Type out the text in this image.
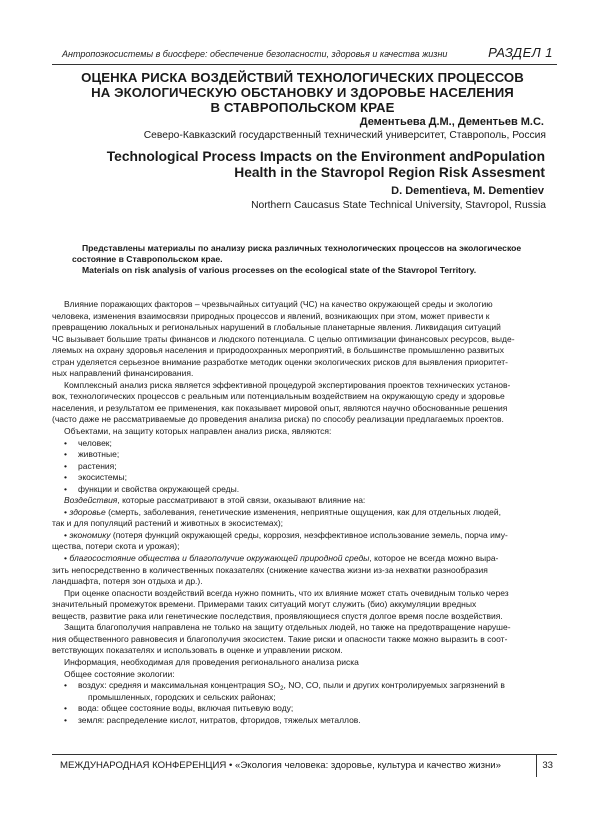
Антропоэкосистемы в биосфере: обеспечение безопасности, здоровья и качества жизни	РАЗДЕЛ 1
ОЦЕНКА РИСКА ВОЗДЕЙСТВИЙ ТЕХНОЛОГИЧЕСКИХ ПРОЦЕССОВ
НА ЭКОЛОГИЧЕСКУЮ ОБСТАНОВКУ И ЗДОРОВЬЕ НАСЕЛЕНИЯ
В СТАВРОПОЛЬСКОМ КРАЕ
Дементьева Д.М., Дементьев М.С.
Северо-Кавказский государственный технический университет, Ставрополь, Россия
Technological Process Impacts on the Environment andPopulation
Health in the Stavropol Region Risk Assesment
D. Dementieva, M. Dementiev
Northern Caucasus State Technical University, Stavropol, Russia
Представлены материалы по анализу риска различных технологических процессов на экологическое
состояние в Ставропольском крае.
Materials on risk analysis of various processes on the ecological state of the Stavropol Territory.
Влияние поражающих факторов – чрезвычайных ситуаций (ЧС) на качество окружающей среды и экологию
человека, изменения взаимосвязи природных процессов и явлений, возникающих при этом, может привести к
превращению локальных и региональных нарушений в глобальные планетарные явления. Ликвидация ситуаций
ЧС вызывает большие траты финансов и людского потенциала. С целью оптимизации финансовых ресурсов, выде-
ляемых на охрану здоровья населения и природоохранных мероприятий, в большинстве промышленно развитых
стран уделяется серьезное внимание разработке методик оценки экологических рисков для выявления приоритет-
ных направлений финансирования.
Комплексный анализ риска является эффективной процедурой экспертирования проектов технических установ-
вок, технологических процессов с реальным или потенциальным воздействием на окружающую среду и здоровье
населения, и результатом ее применения, как показывает мировой опыт, являются научно обоснованные решения
(часто даже не рассматриваемые до проведения анализа риска) по способу реализации предлагаемых проектов.
Объектами, на защиту которых направлен анализ риска, являются:
• человек;
• животные;
• растения;
• экосистемы;
• функции и свойства окружающей среды.
Воздействия, которые рассматривают в этой связи, оказывают влияние на:
• здоровье (смерть, заболевания, генетические изменения, неприятные ощущения, как для отдельных людей,
так и для популяций растений и животных в экосистемах);
• экономику (потеря функций окружающей среды, коррозия, неэффективное использование земель, порча иму-
щества, потери скота и урожая);
• благосостояние общества и благополучие окружающей природной среды, которое не всегда можно выра-
зить непосредственно в количественных показателях (снижение качества жизни из-за нехватки разнообразия
ландшафта, потеря зон отдыха и др.).
При оценке опасности воздействий всегда нужно помнить, что их влияние может стать очевидным только через
значительный промежуток времени. Примерами таких ситуаций могут служить (био) аккумуляции вредных
веществ, развитие рака или генетические последствия, проявляющиеся спустя долгое время после воздействия.
Защита благополучия направлена не только на защиту отдельных людей, но также на предотвращение наруше-
ния общественного равновесия и благополучия экосистем. Такие риски и опасности также можно выразить в соот-
ветствующих показателях и использовать в оценке и управлении риском.
Информация, необходимая для проведения регионального анализа риска
Общее состояние экологии:
• воздух: средняя и максимальная концентрация $SO_2$, NO, CO, пыли и других контролируемых загрязнений в
промышленных, городских и сельских районах;
• вода: общее состояние воды, включая питьевую воду;
• земля: распределение кислот, нитратов, фторидов, тяжелых металлов.
МЕЖДУНАРОДНАЯ КОНФЕРЕНЦИЯ • «Экология человека: здоровье, культура и качество жизни»	33
